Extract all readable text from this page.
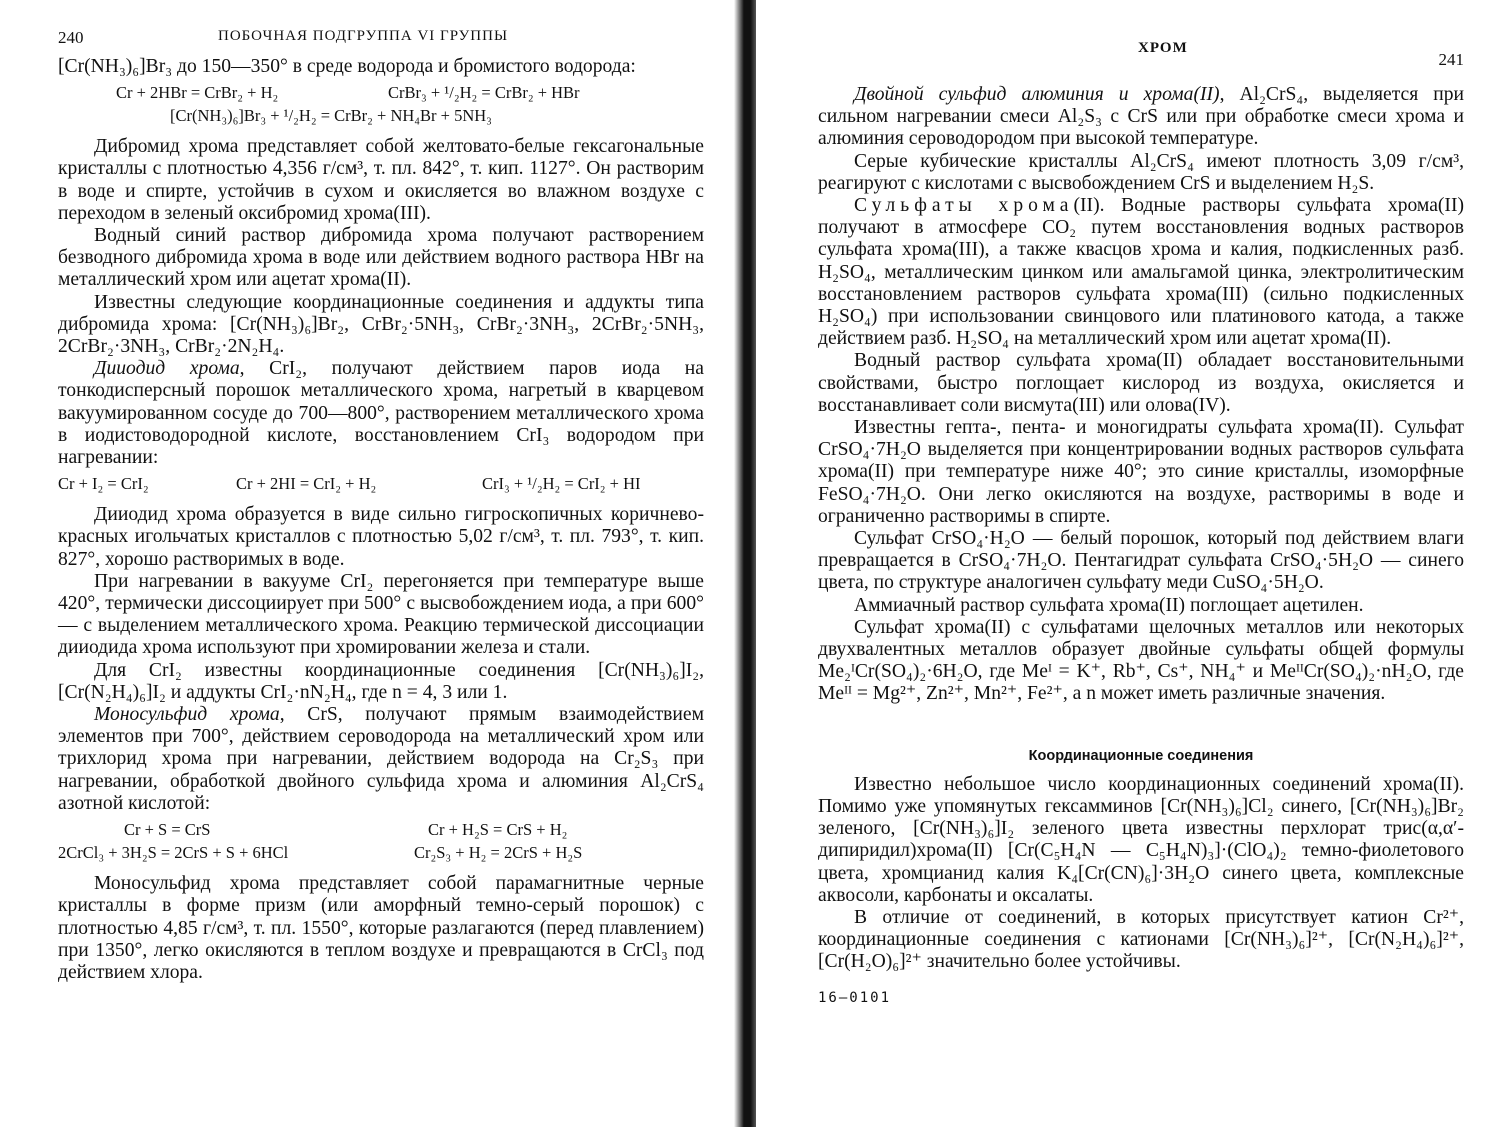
240	ПОБОЧНАЯ ПОДГРУППА VI ГРУППЫ

[Cr(NH₃)₆]Br₃ до 150—350° в среде водорода и бромистого водорода:

Cr + 2HBr = CrBr₂ + H₂	CrBr₃ + ¹/₂H₂ = CrBr₂ + HBr
[Cr(NH₃)₆]Br₃ + ¹/₂H₂ = CrBr₂ + NH₄Br + 5NH₃

Дибромид хрома представляет собой желтовато-белые гексагональные кристаллы с плотностью 4,356 г/см³, т. пл. 842°, т. кип. 1127°. Он растворим в воде и спирте, устойчив в сухом и окисляется во влажном воздухе с переходом в зеленый оксибромид хрома(III).

Водный синий раствор дибромида хрома получают растворением безводного дибромида хрома в воде или действием водного раствора HBr на металлический хром или ацетат хрома(II).

Известны следующие координационные соединения и аддукты типа дибромида хрома: [Cr(NH₃)₆]Br₂, CrBr₂·5NH₃, CrBr₂·3NH₃, 2CrBr₂·5NH₃, 2CrBr₂·3NH₃, CrBr₂·2N₂H₄.

Дииодид хрома, CrI₂, получают действием паров иода на тонкодисперсный порошок металлического хрома, нагретый в кварцевом вакуумированном сосуде до 700—800°, растворением металлического хрома в иодистоводородной кислоте, восстановлением CrI₃ водородом при нагревании:

Cr + I₂ = CrI₂	Cr + 2HI = CrI₂ + H₂	CrI₃ + ¹/₂H₂ = CrI₂ + HI

Дииодид хрома образуется в виде сильно гигроскопичных коричнево-красных игольчатых кристаллов с плотностью 5,02 г/см³, т. пл. 793°, т. кип. 827°, хорошо растворимых в воде.

При нагревании в вакууме CrI₂ перегоняется при температуре выше 420°, термически диссоциирует при 500° с высвобождением иода, а при 600° — с выделением металлического хрома. Реакцию термической диссоциации дииодида хрома используют при хромировании железа и стали.

Для CrI₂ известны координационные соединения [Cr(NH₃)₆]I₂, [Cr(N₂H₄)₆]I₂ и аддукты CrI₂·nN₂H₄, где n = 4, 3 или 1.

Моносульфид хрома, CrS, получают прямым взаимодействием элементов при 700°, действием сероводорода на металлический хром или трихлорид хрома при нагревании, действием водорода на Cr₂S₃ при нагревании, обработкой двойного сульфида хрома и алюминия Al₂CrS₄ азотной кислотой:

Cr + S = CrS	Cr + H₂S = CrS + H₂
2CrCl₃ + 3H₂S = 2CrS + S + 6HCl	Cr₂S₃ + H₂ = 2CrS + H₂S

Моносульфид хрома представляет собой парамагнитные черные кристаллы в форме призм (или аморфный темно-серый порошок) с плотностью 4,85 г/см³, т. пл. 1550°, которые разлагаются (перед плавлением) при 1350°, легко окисляются в теплом воздухе и превращаются в CrCl₃ под действием хлора.

ХРОМ
241

Двойной сульфид алюминия и хрома(II), Al₂CrS₄, выделяется при сильном нагревании смеси Al₂S₃ с CrS или при обработке смеси хрома и алюминия сероводородом при высокой температуре.

Серые кубические кристаллы Al₂CrS₄ имеют плотность 3,09 г/см³, реагируют с кислотами с высвобождением CrS и выделением H₂S.

Сульфаты хрома(II). Водные растворы сульфата хрома(II) получают в атмосфере CO₂ путем восстановления водных растворов сульфата хрома(III), а также квасцов хрома и калия, подкисленных разб. H₂SO₄, металлическим цинком или амальгамой цинка, электролитическим восстановлением растворов сульфата хрома(III) (сильно подкисленных H₂SO₄) при использовании свинцового или платинового катода, а также действием разб. H₂SO₄ на металлический хром или ацетат хрома(II).

Водный раствор сульфата хрома(II) обладает восстановительными свойствами, быстро поглощает кислород из воздуха, окисляется и восстанавливает соли висмута(III) или олова(IV).

Известны гепта-, пента- и моногидраты сульфата хрома(II). Сульфат CrSO₄·7H₂O выделяется при концентрировании водных растворов сульфата хрома(II) при температуре ниже 40°; это синие кристаллы, изоморфные FeSO₄·7H₂O. Они легко окисляются на воздухе, растворимы в воде и ограниченно растворимы в спирте.

Сульфат CrSO₄·H₂O — белый порошок, который под действием влаги превращается в CrSO₄·7H₂O. Пентагидрат сульфата CrSO₄·5H₂O — синего цвета, по структуре аналогичен сульфату меди CuSO₄·5H₂O.

Аммиачный раствор сульфата хрома(II) поглощает ацетилен.

Сульфат хрома(II) с сульфатами щелочных металлов или некоторых двухвалентных металлов образует двойные сульфаты общей формулы Me₂ᴵCr(SO₄)₂·6H₂O, где Meᴵ = K⁺, Rb⁺, Cs⁺, NH₄⁺ и MeᴵᴵCr(SO₄)₂·nH₂O, где Meᴵᴵ = Mg²⁺, Zn²⁺, Mn²⁺, Fe²⁺, а n может иметь различные значения.

Координационные соединения

Известно небольшое число координационных соединений хрома(II). Помимо уже упомянутых гексамминов [Cr(NH₃)₆]Cl₂ синего, [Cr(NH₃)₆]Br₂ зеленого, [Cr(NH₃)₆]I₂ зеленого цвета известны перхлорат трис(α,α′-дипиридил)хрома(II) [Cr(C₅H₄N — C₅H₄N)₃]·(ClO₄)₂ темно-фиолетового цвета, хромцианид калия K₄[Cr(CN)₆]·3H₂O синего цвета, комплексные аквосоли, карбонаты и оксалаты.

В отличие от соединений, в которых присутствует катион Cr²⁺, координационные соединения с катионами [Cr(NH₃)₆]²⁺, [Cr(N₂H₄)₆]²⁺, [Cr(H₂O)₆]²⁺ значительно более устойчивы.

16—0101
